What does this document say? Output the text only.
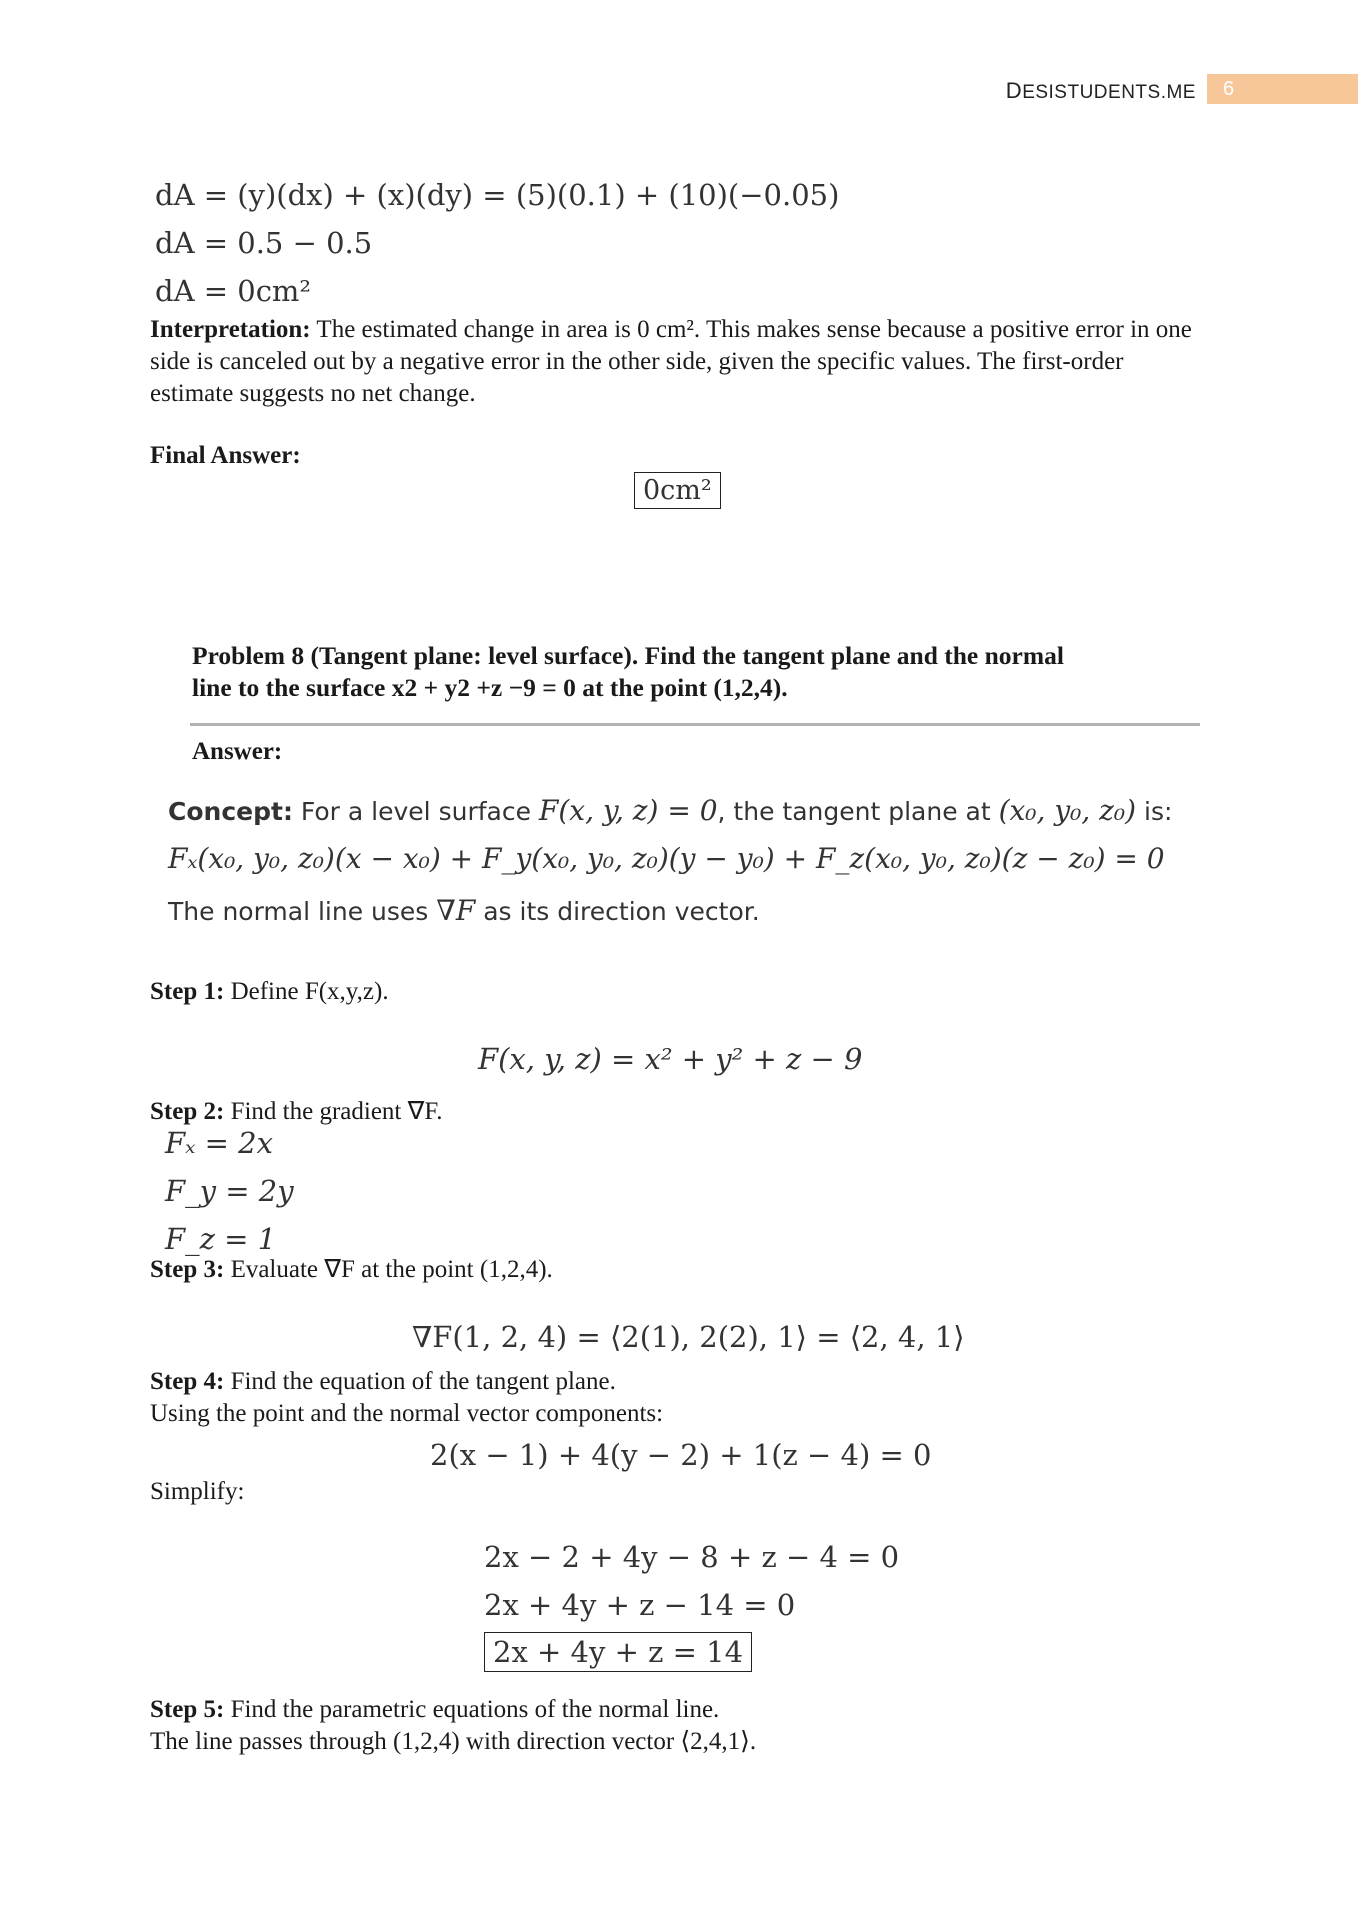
DESISTUDENTS.ME	6
dA = (y)(dx) + (x)(dy) = (5)(0.1) + (10)(−0.05)
dA = 0.5 − 0.5
dA = 0cm²
Interpretation: The estimated change in area is 0 cm². This makes sense because a positive error in one side is canceled out by a negative error in the other side, given the specific values. The first-order estimate suggests no net change.
Final Answer:
0cm²
Problem 8 (Tangent plane: level surface). Find the tangent plane and the normal
line to the surface x2 + y2 +z −9 = 0 at the point (1,2,4).
Answer:
Concept: For a level surface F(x, y, z) = 0, the tangent plane at (x₀, y₀, z₀) is:
Fₓ(x₀, y₀, z₀)(x − x₀) + F_y(x₀, y₀, z₀)(y − y₀) + F_z(x₀, y₀, z₀)(z − z₀) = 0
The normal line uses ∇F as its direction vector.
Step 1: Define F(x,y,z).
F(x, y, z) = x² + y² + z − 9
Step 2: Find the gradient ∇F.
Fₓ = 2x
F_y = 2y
F_z = 1
Step 3: Evaluate ∇F at the point (1,2,4).
∇F(1, 2, 4) = ⟨2(1), 2(2), 1⟩ = ⟨2, 4, 1⟩
Step 4: Find the equation of the tangent plane.
Using the point and the normal vector components:
2(x − 1) + 4(y − 2) + 1(z − 4) = 0
Simplify:
2x − 2 + 4y − 8 + z − 4 = 0
2x + 4y + z − 14 = 0
2x + 4y + z = 14
Step 5: Find the parametric equations of the normal line.
The line passes through (1,2,4) with direction vector ⟨2,4,1⟩.
